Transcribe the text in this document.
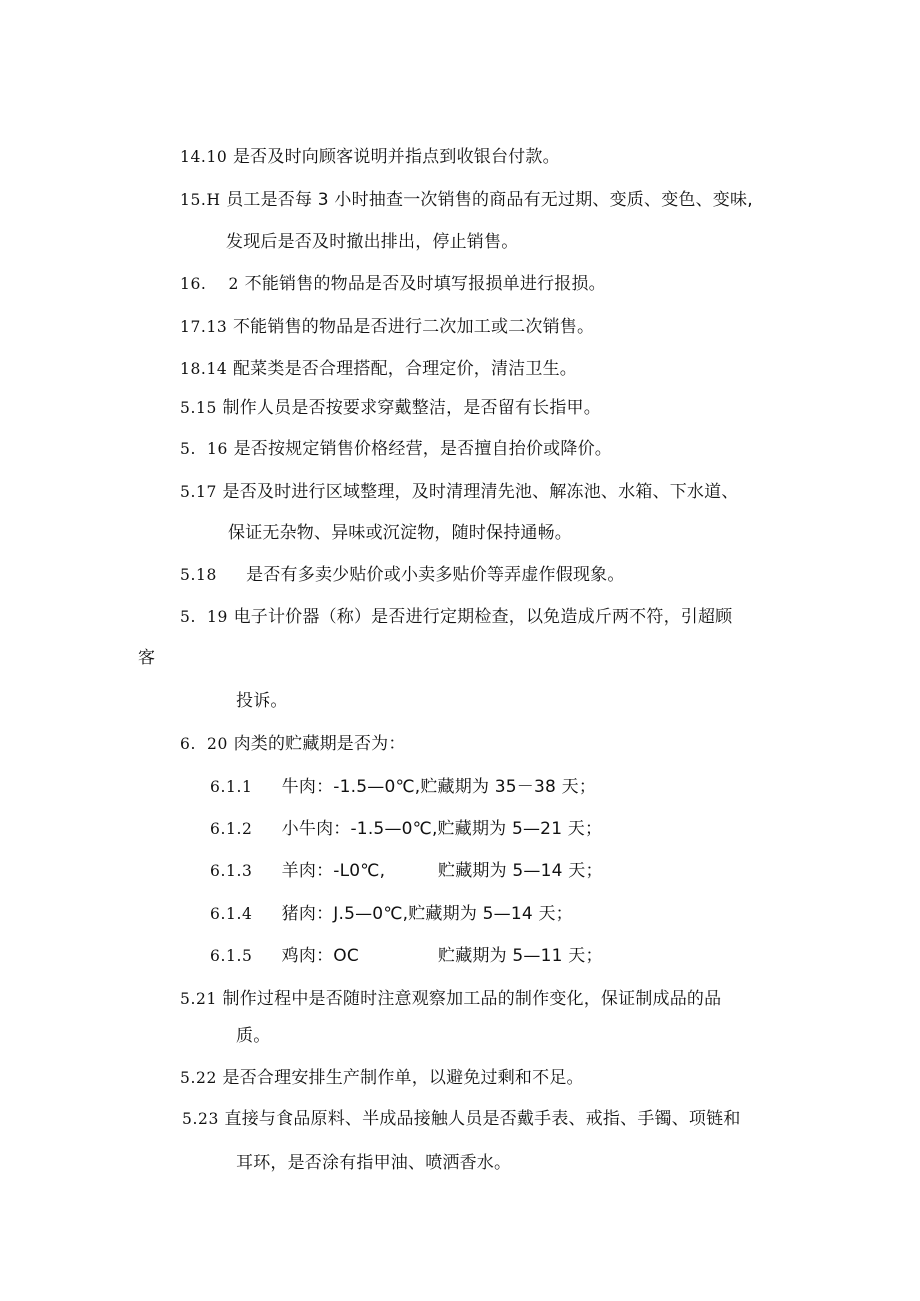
14.10 是否及时向顾客说明并指点到收银台付款。
15.H 员工是否每 3 小时抽查一次销售的商品有无过期、变质、变色、变味,
发现后是否及时撤出排出，停止销售。
16.    2 不能销售的物品是否及时填写报损单进行报损。
17.13 不能销售的物品是否进行二次加工或二次销售。
18.14 配菜类是否合理搭配，合理定价，清洁卫生。
5.15 制作人员是否按要求穿戴整洁，是否留有长指甲。
5.  16 是否按规定销售价格经营，是否擅自抬价或降价。
5.17 是否及时进行区域整理，及时清理清先池、解冻池、水箱、下水道、
保证无杂物、异味或沉淀物，随时保持通畅。
5.18 是否有多卖少贴价或小卖多贴价等弄虚作假现象。
5.  19 电子计价器（称）是否进行定期检查，以免造成斤两不符，引超顾
客
投诉。
6.  20 肉类的贮藏期是否为：
6.1.1 牛肉：-1.5—0℃,贮藏期为 35－38 天；
6.1.2 小牛肉：-1.5—0℃,贮藏期为 5—21 天；
6.1.3 羊肉：-L0℃,	贮藏期为 5—14 天；
6.1.4 猪肉：J.5—0℃,贮藏期为 5—14 天；
6.1.5 鸡肉：OC	贮藏期为 5—11 天；
5.21 制作过程中是否随时注意观察加工品的制作变化，保证制成品的品
质。
5.22 是否合理安排生产制作单，以避免过剩和不足。
5.23 直接与食品原料、半成品接触人员是否戴手表、戒指、手镯、项链和
耳环，是否涂有指甲油、喷洒香水。
